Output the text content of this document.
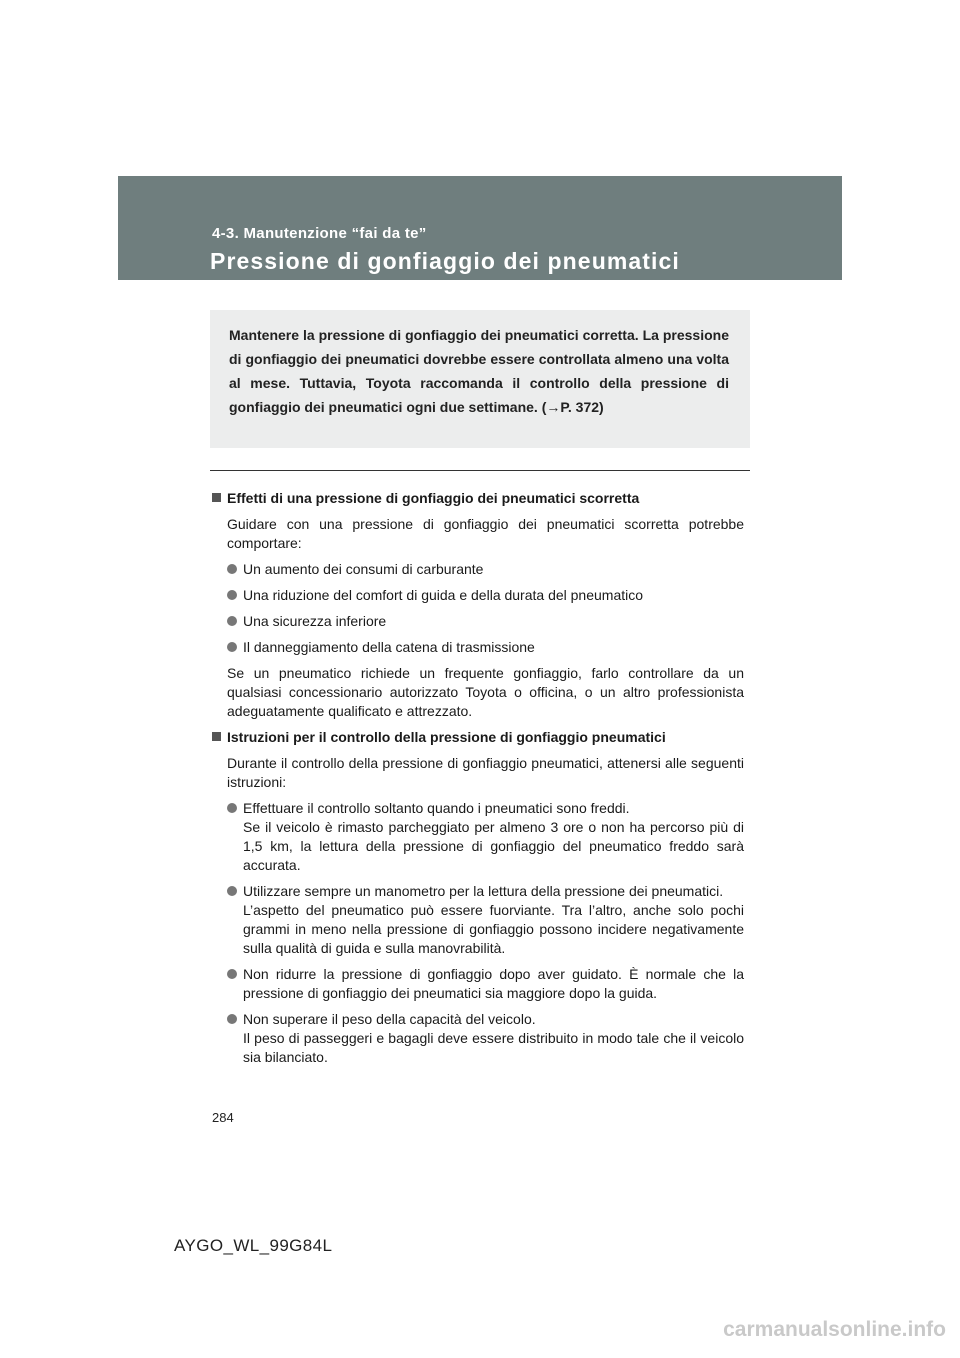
4-3. Manutenzione “fai da te”
Pressione di gonfiaggio dei pneumatici
Mantenere la pressione di gonfiaggio dei pneumatici corretta. La pressione di gonfiaggio dei pneumatici dovrebbe essere controllata almeno una volta al mese. Tuttavia, Toyota raccomanda il controllo della pressione di gonfiaggio dei pneumatici ogni due settimane. (→P. 372)
Effetti di una pressione di gonfiaggio dei pneumatici scorretta
Guidare con una pressione di gonfiaggio dei pneumatici scorretta potrebbe comportare:
Un aumento dei consumi di carburante
Una riduzione del comfort di guida e della durata del pneumatico
Una sicurezza inferiore
Il danneggiamento della catena di trasmissione
Se un pneumatico richiede un frequente gonfiaggio, farlo controllare da un qualsiasi concessionario autorizzato Toyota o officina, o un altro professionista adeguatamente qualificato e attrezzato.
Istruzioni per il controllo della pressione di gonfiaggio pneumatici
Durante il controllo della pressione di gonfiaggio pneumatici, attenersi alle seguenti istruzioni:
Effettuare il controllo soltanto quando i pneumatici sono freddi.
Se il veicolo è rimasto parcheggiato per almeno 3 ore o non ha percorso più di 1,5 km, la lettura della pressione di gonfiaggio del pneumatico freddo sarà accurata.
Utilizzare sempre un manometro per la lettura della pressione dei pneumatici.
L’aspetto del pneumatico può essere fuorviante. Tra l’altro, anche solo pochi grammi in meno nella pressione di gonfiaggio possono incidere negativamente sulla qualità di guida e sulla manovrabilità.
Non ridurre la pressione di gonfiaggio dopo aver guidato. È normale che la pressione di gonfiaggio dei pneumatici sia maggiore dopo la guida.
Non superare il peso della capacità del veicolo.
Il peso di passeggeri e bagagli deve essere distribuito in modo tale che il veicolo sia bilanciato.
284
AYGO_WL_99G84L
carmanualsonline.info
